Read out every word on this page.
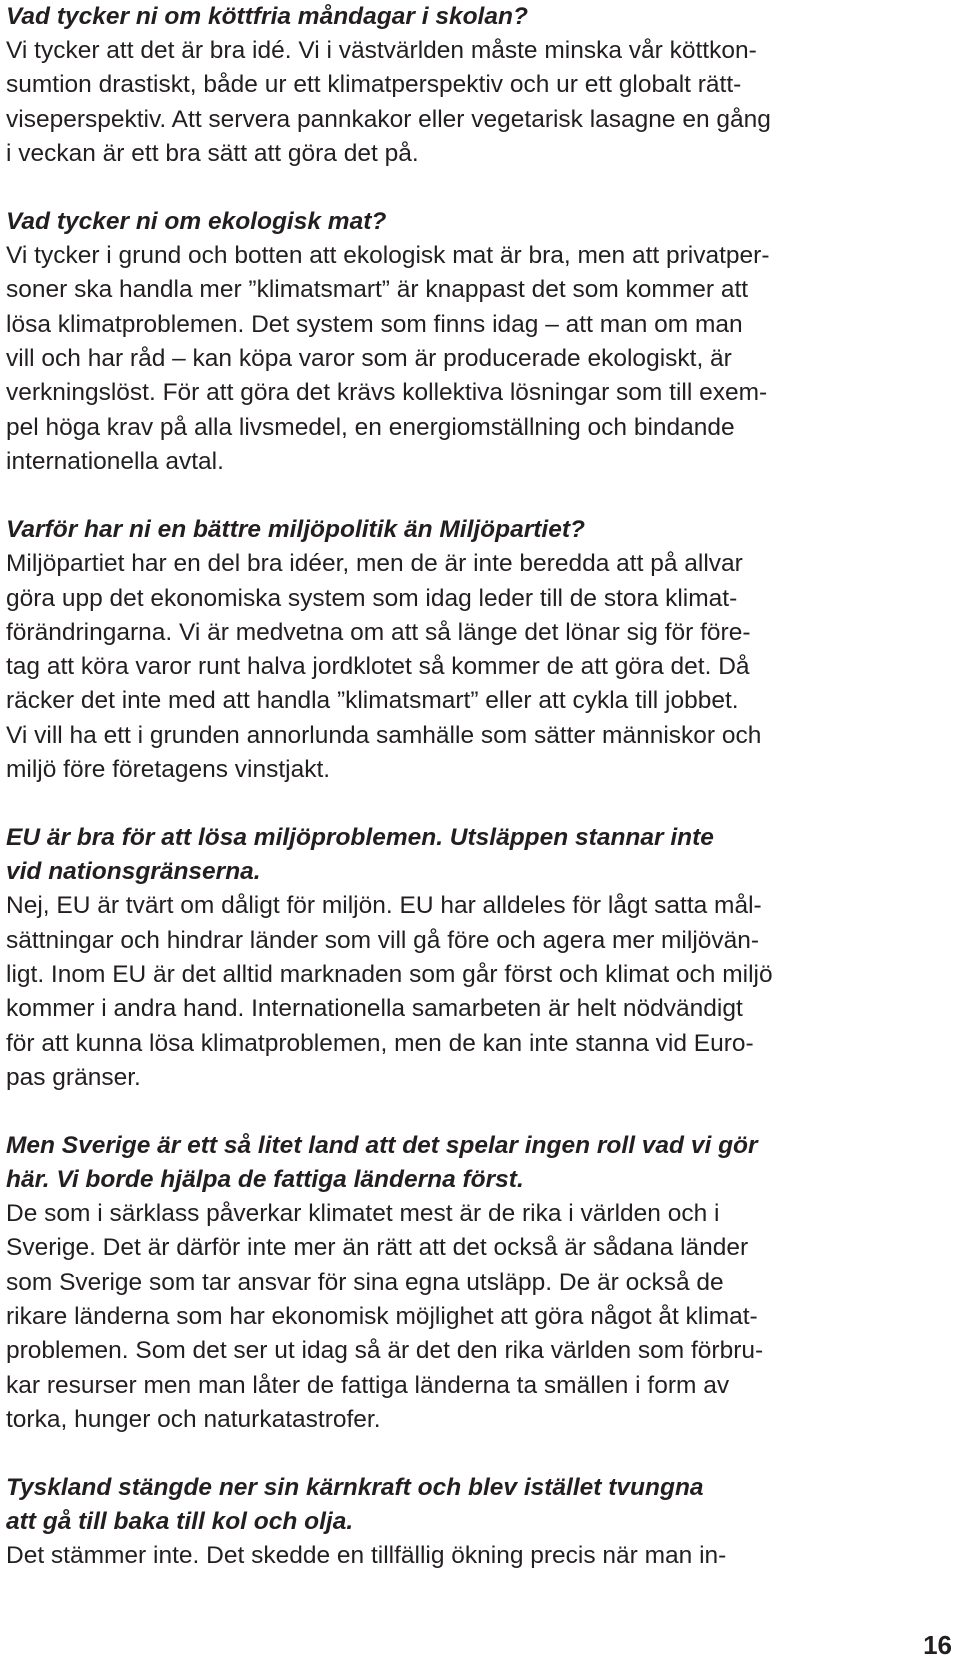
Vad tycker ni om köttfria måndagar i skolan?

Vi tycker att det är bra idé. Vi i västvärlden måste minska vår köttkon-
sumtion drastiskt, både ur ett klimatperspektiv och ur ett globalt rätt-
viseperspektiv. Att servera pannkakor eller vegetarisk lasagne en gång
i veckan är ett bra sätt att göra det på.

Vad tycker ni om ekologisk mat?

Vi tycker i grund och botten att ekologisk mat är bra, men att privatper-
soner ska handla mer ”klimatsmart” är knappast det som kommer att
lösa klimatproblemen. Det system som finns idag – att man om man
vill och har råd – kan köpa varor som är producerade ekologiskt, är
verkningslöst. För att göra det krävs kollektiva lösningar som till exem-
pel höga krav på alla livsmedel, en energiomställning och bindande
internationella avtal.

Varför har ni en bättre miljöpolitik än Miljöpartiet?

Miljöpartiet har en del bra idéer, men de är inte beredda att på allvar
göra upp det ekonomiska system som idag leder till de stora klimat-
förändringarna. Vi är medvetna om att så länge det lönar sig för före-
tag att köra varor runt halva jordklotet så kommer de att göra det. Då
räcker det inte med att handla ”klimatsmart” eller att cykla till jobbet.
Vi vill ha ett i grunden annorlunda samhälle som sätter människor och
miljö före företagens vinstjakt.

EU är bra för att lösa miljöproblemen. Utsläppen stannar inte
vid nationsgränserna.

Nej, EU är tvärt om dåligt för miljön. EU har alldeles för lågt satta mål-
sättningar och hindrar länder som vill gå före och agera mer miljövän-
ligt. Inom EU är det alltid marknaden som går först och klimat och miljö
kommer i andra hand. Internationella samarbeten är helt nödvändigt
för att kunna lösa klimatproblemen, men de kan inte stanna vid Euro-
pas gränser.

Men Sverige är ett så litet land att det spelar ingen roll vad vi gör
här. Vi borde hjälpa de fattiga länderna först.

De som i särklass påverkar klimatet mest är de rika i världen och i
Sverige. Det är därför inte mer än rätt att det också är sådana länder
som Sverige som tar ansvar för sina egna utsläpp. De är också de
rikare länderna som har ekonomisk möjlighet att göra något åt klimat-
problemen. Som det ser ut idag så är det den rika världen som förbru-
kar resurser men man låter de fattiga länderna ta smällen i form av
torka, hunger och naturkatastrofer.

Tyskland stängde ner sin kärnkraft och blev istället tvungna
att gå till baka till kol och olja.

Det stämmer inte. Det skedde en tillfällig ökning precis när man in-

16
